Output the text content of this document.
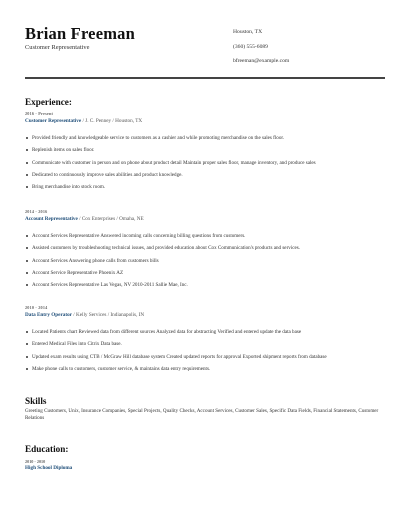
Brian Freeman
Customer Representative
Houston, TX
(360) 555-6089
bfreeman@example.com
Experience:
2016 - Present
Customer Representative / J. C. Penney / Houston, TX
Provided friendly and knowledgeable service to customers as a cashier and while promoting merchandise on the sales floor.
Replenish items on sales floor.
Communicate with customer in person and on phone about product detail Maintain proper sales floor, manage inventory, and produce sales
Dedicated to continuously improve sales abilities and product knowledge.
Bring merchandise into stock room.
2014 - 2016
Account Representative / Cox Enterprises / Omaha, NE
Account Services Representative Answered incoming calls concerning billing questions from customers.
Assisted customers by troubleshooting technical issues, and provided education about Cox Communication's products and services.
Account Services Answering phone calls from customers bills
Account Service Representative Phoenix AZ
Account Services Representative Las Vegas, NV 2010-2011 Sallie Mae, Inc.
2010 - 2014
Data Entry Operator / Kelly Services / Indianapolis, IN
Located Patients chart Reviewed data from different sources Analyzed data for abstracting Verified and entered update the data base
Entered Medical Files into Citrix Data base.
Updated exam results using CTB / McGraw Hill database system Created updated reports for approval Exported shipment reports from database
Make phone calls to customers, customer service, & maintains data entry requirements.
Skills
Greeting Customers, Unix, Insurance Companies, Special Projects, Quality Checks, Account Services, Customer Sales, Specific Data Fields, Financial Statements, Customer Relations
Education:
2010 - 2010
High School Diploma
